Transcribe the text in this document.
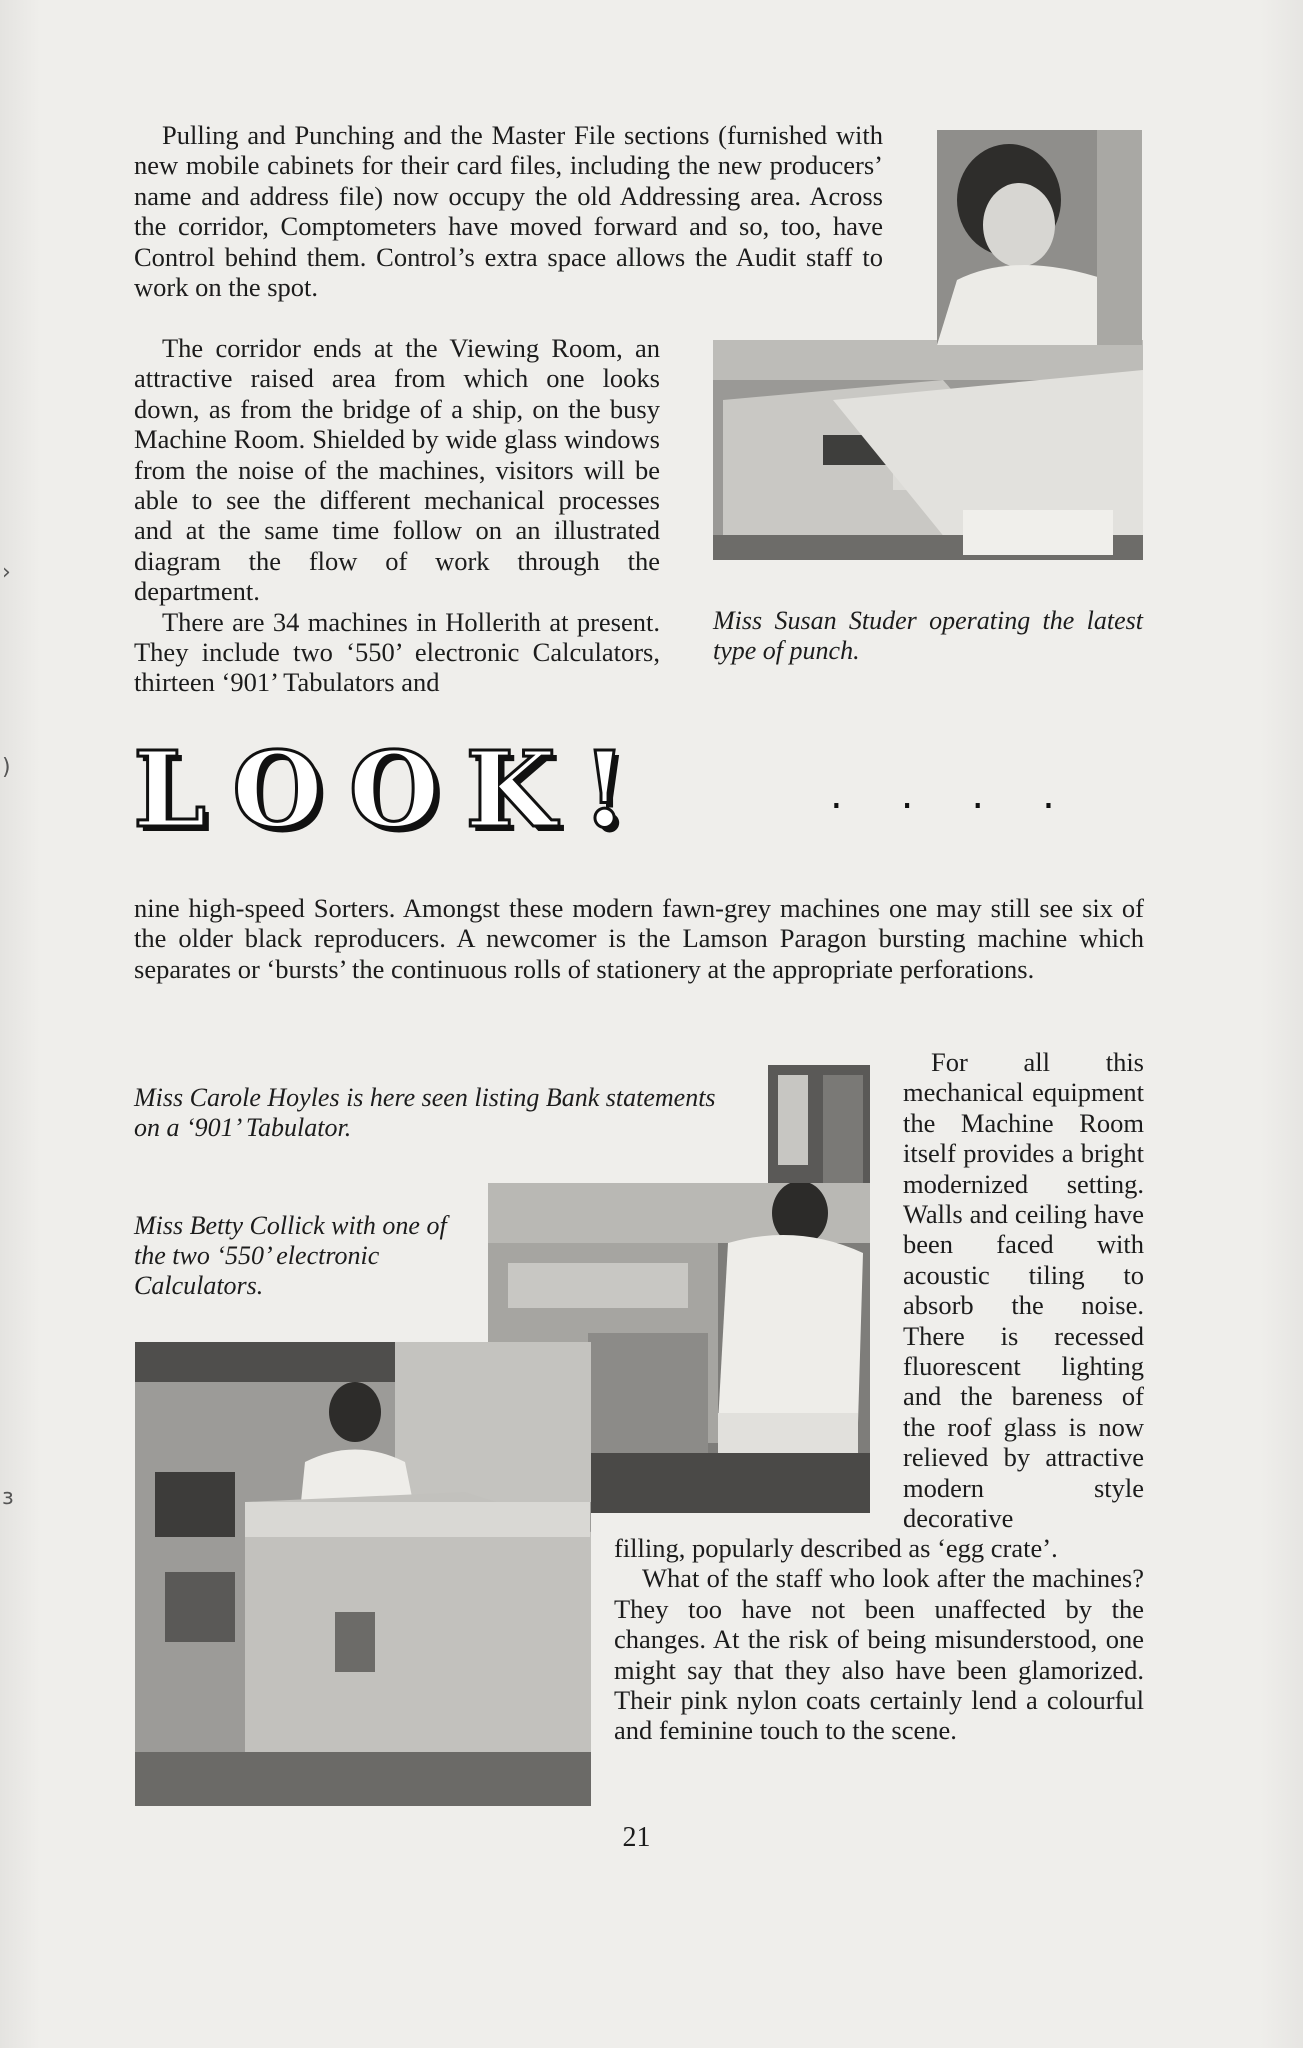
›
)
ɜ

Pulling and Punching and the Master File sections (furnished with new mobile cabinets for their card files, including the new producers’ name and address file) now occupy the old Addressing area. Across the corridor, Comptometers have moved forward and so, too, have Control behind them. Control’s extra space allows the Audit staff to work on the spot.

The corridor ends at the Viewing Room, an attractive raised area from which one looks down, as from the bridge of a ship, on the busy Machine Room. Shielded by wide glass windows from the noise of the machines, visitors will be able to see the different mechanical processes and at the same time follow on an illustrated diagram the flow of work through the department.

There are 34 machines in Hollerith at present. They include two ‘550’ electronic Calculators, thirteen ‘901’ Tabulators and

Miss Susan Studer operating the latest type of punch.
LOOK!	....

nine high-speed Sorters. Amongst these modern fawn-grey machines one may still see six of the older black reproducers. A newcomer is the Lamson Paragon bursting machine which separates or ‘bursts’ the continuous rolls of stationery at the appropriate perforations.

Miss Carole Hoyles is here seen listing Bank statements on a ‘901’ Tabulator.
Miss Betty Collick with one of the two ‘550’ electronic Calculators.

For all this mechanical equipment the Machine Room itself provides a bright modernized setting. Walls and ceiling have been faced with acoustic tiling to absorb the noise. There is recessed fluorescent lighting and the bareness of the roof glass is now relieved by attractive modern style decorative

filling, popularly described as ‘egg crate’.

What of the staff who look after the machines? They too have not been unaffected by the changes. At the risk of being misunderstood, one might say that they also have been glamorized. Their pink nylon coats certainly lend a colourful and feminine touch to the scene.

21
